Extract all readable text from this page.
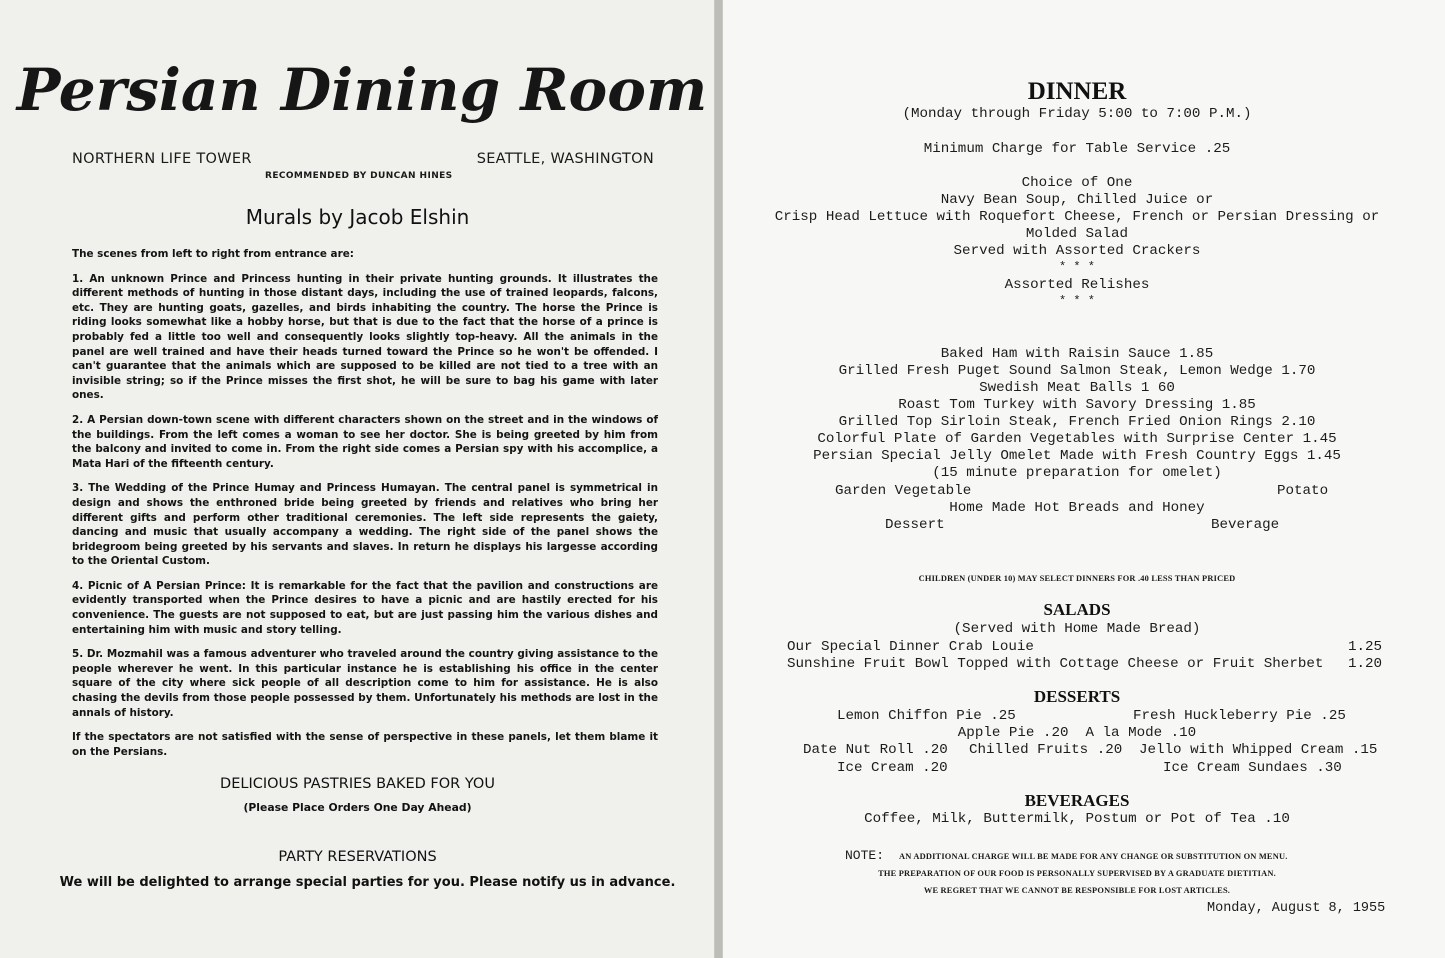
Persian Dining Room
NORTHERN LIFE TOWER	SEATTLE, WASHINGTON
RECOMMENDED BY DUNCAN HINES
Murals by Jacob Elshin

The scenes from left to right from entrance are:

1. An unknown Prince and Princess hunting in their private hunting grounds. It illustrates the different methods of hunting in those distant days, including the use of trained leopards, falcons, etc. They are hunting goats, gazelles, and birds inhabiting the country. The horse the Prince is riding looks somewhat like a hobby horse, but that is due to the fact that the horse of a prince is probably fed a little too well and consequently looks slightly top-heavy. All the animals in the panel are well trained and have their heads turned toward the Prince so he won't be offended. I can't guarantee that the animals which are supposed to be killed are not tied to a tree with an invisible string; so if the Prince misses the first shot, he will be sure to bag his game with later ones.

2. A Persian down-town scene with different characters shown on the street and in the windows of the buildings. From the left comes a woman to see her doctor. She is being greeted by him from the balcony and invited to come in. From the right side comes a Persian spy with his accomplice, a Mata Hari of the fifteenth century.

3. The Wedding of the Prince Humay and Princess Humayan. The central panel is symmetrical in design and shows the enthroned bride being greeted by friends and relatives who bring her different gifts and perform other traditional ceremonies. The left side represents the gaiety, dancing and music that usually accompany a wedding. The right side of the panel shows the bridegroom being greeted by his servants and slaves. In return he displays his largesse according to the Oriental Custom.

4. Picnic of A Persian Prince: It is remarkable for the fact that the pavilion and constructions are evidently transported when the Prince desires to have a picnic and are hastily erected for his convenience. The guests are not supposed to eat, but are just passing him the various dishes and entertaining him with music and story telling.

5. Dr. Mozmahil was a famous adventurer who traveled around the country giving assistance to the people wherever he went. In this particular instance he is establishing his office in the center square of the city where sick people of all description come to him for assistance. He is also chasing the devils from those people possessed by them. Unfortunately his methods are lost in the annals of history.

If the spectators are not satisfied with the sense of perspective in these panels, let them blame it on the Persians.

DELICIOUS PASTRIES BAKED FOR YOU
(Please Place Orders One Day Ahead)
PARTY RESERVATIONS
We will be delighted to arrange special parties for you. Please notify us in advance.
DINNER
(Monday through Friday 5:00 to 7:00 P.M.)
Minimum Charge for Table Service .25
Choice of One
Navy Bean Soup, Chilled Juice or
Crisp Head Lettuce with Roquefort Cheese, French or Persian Dressing or
Molded Salad
Served with Assorted Crackers
* * *
Assorted Relishes
* * *
Baked Ham with Raisin Sauce 1.85
Grilled Fresh Puget Sound Salmon Steak, Lemon Wedge 1.70
Swedish Meat Balls 1 60
Roast Tom Turkey with Savory Dressing 1.85
Grilled Top Sirloin Steak, French Fried Onion Rings 2.10
Colorful Plate of Garden Vegetables with Surprise Center 1.45
Persian Special Jelly Omelet Made with Fresh Country Eggs 1.45
(15 minute preparation for omelet)
Garden Vegetable	Potato
Home Made Hot Breads and Honey
Dessert	Beverage
CHILDREN (UNDER 10) MAY SELECT DINNERS FOR .40 LESS THAN PRICED
SALADS
(Served with Home Made Bread)
Our Special Dinner Crab Louie	1.25
Sunshine Fruit Bowl Topped with Cottage Cheese or Fruit Sherbet 1.20
DESSERTS
Lemon Chiffon Pie .25	Fresh Huckleberry Pie .25
Apple Pie .20  A la Mode .10
Date Nut Roll .20 Chilled Fruits .20 Jello with Whipped Cream .15
Ice Cream .20	Ice Cream Sundaes .30
BEVERAGES
Coffee, Milk, Buttermilk, Postum or Pot of Tea .10
NOTE: AN ADDITIONAL CHARGE WILL BE MADE FOR ANY CHANGE OR SUBSTITUTION ON MENU.
THE PREPARATION OF OUR FOOD IS PERSONALLY SUPERVISED BY A GRADUATE DIETITIAN.
WE REGRET THAT WE CANNOT BE RESPONSIBLE FOR LOST ARTICLES.
Monday, August 8, 1955
